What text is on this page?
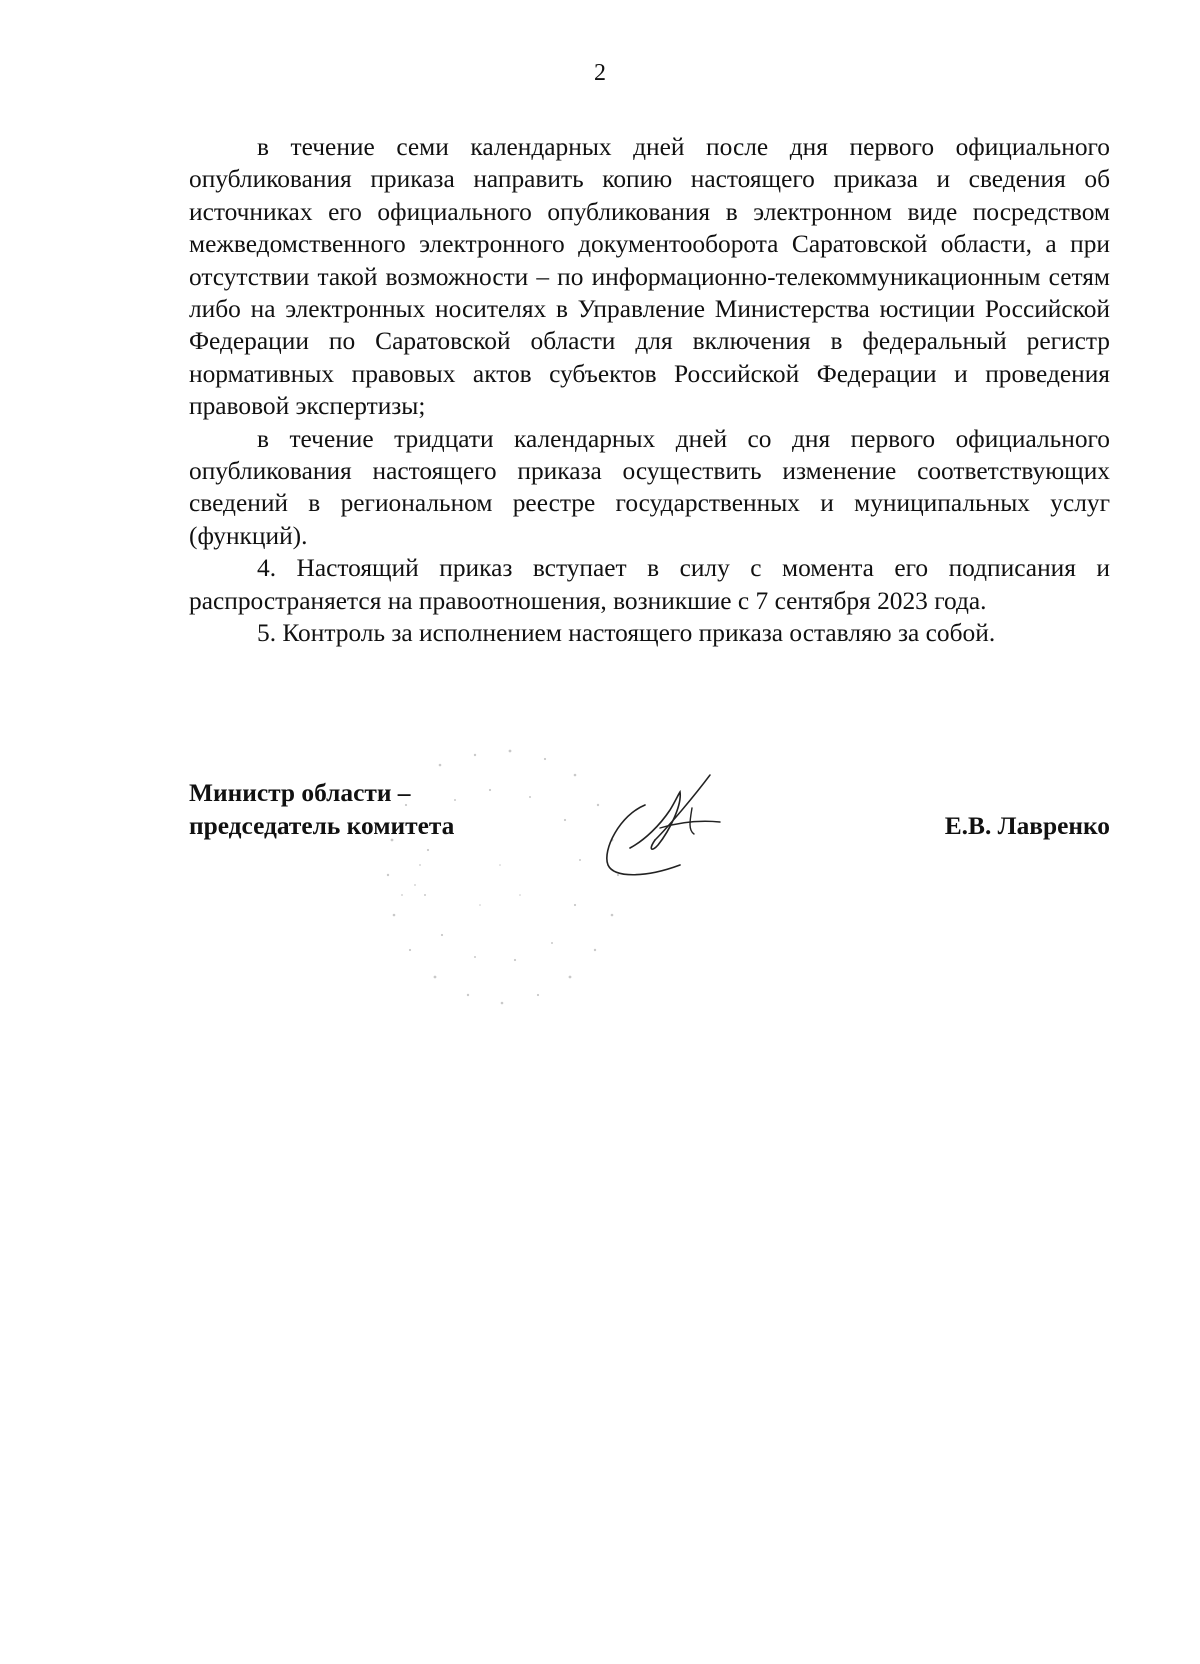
2

в течение семи календарных дней после дня первого официального опубликования приказа направить копию настоящего приказа и сведения об источниках его официального опубликования в электронном виде посредством межведомственного электронного документооборота Саратовской области, а при отсутствии такой возможности – по информационно-телекоммуникационным сетям либо на электронных носителях в Управление Министерства юстиции Российской Федерации по Саратовской области для включения в федеральный регистр нормативных правовых актов субъектов Российской Федерации и проведения правовой экспертизы;

в течение тридцати календарных дней со дня первого официального опубликования настоящего приказа осуществить изменение соответствующих сведений в региональном реестре государственных и муниципальных услуг (функций).

4. Настоящий приказ вступает в силу с момента его подписания и распространяется на правоотношения, возникшие с 7 сентября 2023 года.

5. Контроль за исполнением настоящего приказа оставляю за собой.

Министр области –
председатель комитета	Е.В. Лавренко
